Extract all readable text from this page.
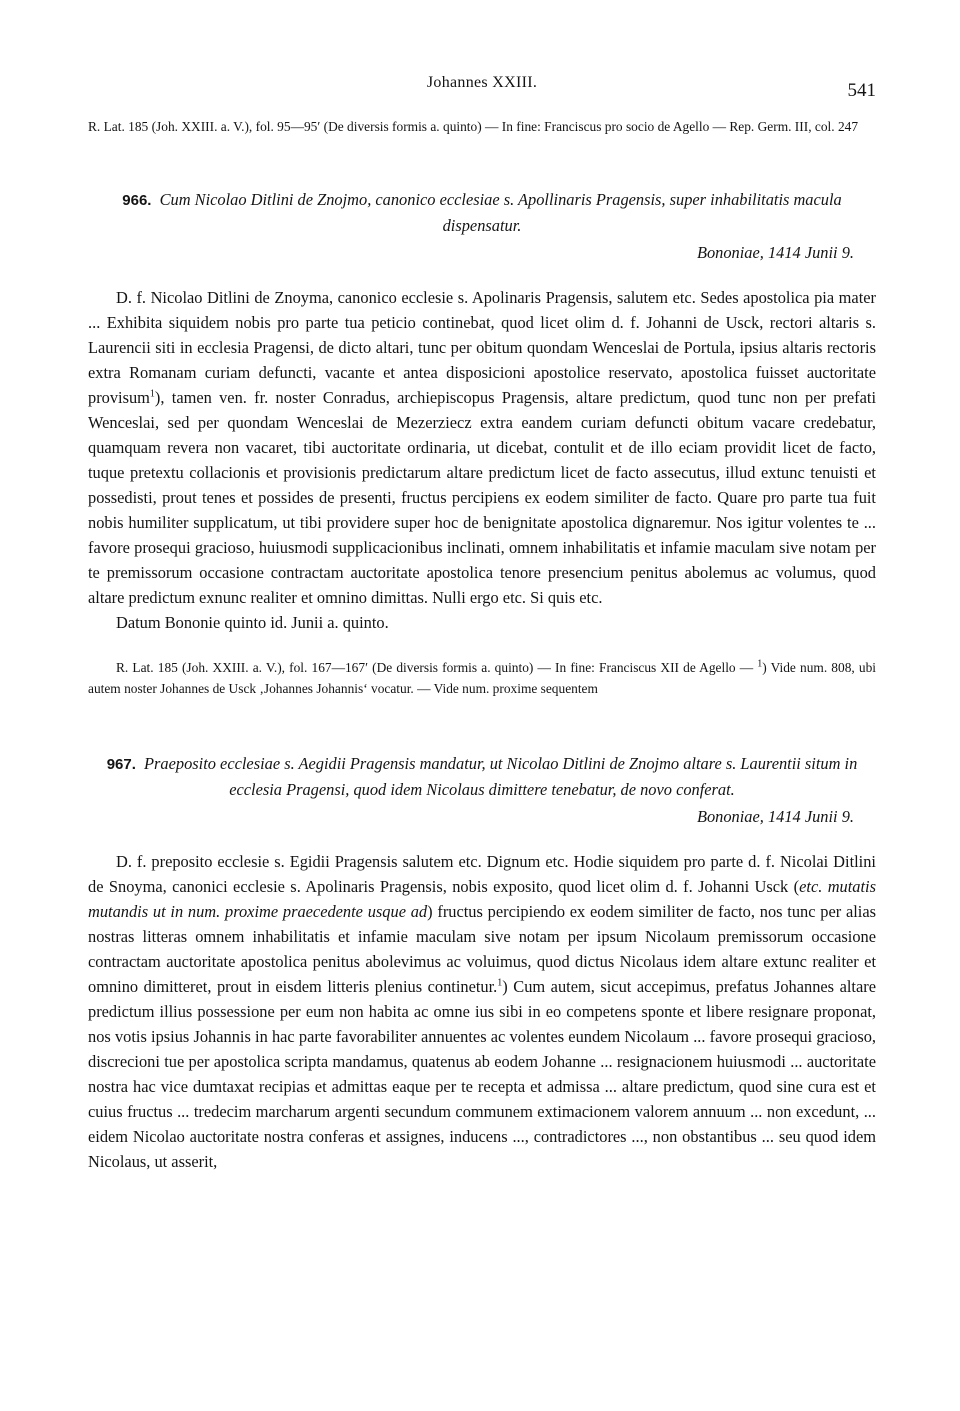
Johannes XXIII.	541

R. Lat. 185 (Joh. XXIII. a. V.), fol. 95—95′ (De diversis formis a. quinto) — In fine: Franciscus pro socio de Agello — Rep. Germ. III, col. 247

966. Cum Nicolao Ditlini de Znojmo, canonico ecclesiae s. Apollinaris Pragensis, super inhabilitatis macula dispensatur.

Bononiae, 1414 Junii 9.

D. f. Nicolao Ditlini de Znoyma, canonico ecclesie s. Apolinaris Pragensis, salutem etc. Sedes apostolica pia mater ... Exhibita siquidem nobis pro parte tua peticio continebat, quod licet olim d. f. Johanni de Usck, rectori altaris s. Laurencii siti in ecclesia Pragensi, de dicto altari, tunc per obitum quondam Wenceslai de Portula, ipsius altaris rectoris extra Romanam curiam defuncti, vacante et antea disposicioni apostolice reservato, apostolica fuisset auctoritate provisum$^1$), tamen ven. fr. noster Conradus, archiepiscopus Pragensis, altare predictum, quod tunc non per prefati Wenceslai, sed per quondam Wenceslai de Mezerziecz extra eandem curiam defuncti obitum vacare credebatur, quamquam revera non vacaret, tibi auctoritate ordinaria, ut dicebat, contulit et de illo eciam providit licet de facto, tuque pretextu collacionis et provisionis predictarum altare predictum licet de facto assecutus, illud extunc tenuisti et possedisti, prout tenes et possides de presenti, fructus percipiens ex eodem similiter de facto. Quare pro parte tua fuit nobis humiliter supplicatum, ut tibi providere super hoc de benignitate apostolica dignaremur. Nos igitur volentes te ... favore prosequi gracioso, huiusmodi supplicacionibus inclinati, omnem inhabilitatis et infamie maculam sive notam per te premissorum occasione contractam auctoritate apostolica tenore presencium penitus abolemus ac volumus, quod altare predictum exnunc realiter et omnino dimittas. Nulli ergo etc. Si quis etc.

Datum Bononie quinto id. Junii a. quinto.

R. Lat. 185 (Joh. XXIII. a. V.), fol. 167—167′ (De diversis formis a. quinto) — In fine: Franciscus XII de Agello — $^1$) Vide num. 808, ubi autem noster Johannes de Usck ‚Johannes Johannis‘ vocatur. — Vide num. proxime sequentem

967. Praeposito ecclesiae s. Aegidii Pragensis mandatur, ut Nicolao Ditlini de Znojmo altare s. Laurentii situm in ecclesia Pragensi, quod idem Nicolaus dimittere tenebatur, de novo conferat.

Bononiae, 1414 Junii 9.

D. f. preposito ecclesie s. Egidii Pragensis salutem etc. Dignum etc. Hodie siquidem pro parte d. f. Nicolai Ditlini de Snoyma, canonici ecclesie s. Apolinaris Pragensis, nobis exposito, quod licet olim d. f. Johanni Usck (etc. mutatis mutandis ut in num. proxime praecedente usque ad) fructus percipiendo ex eodem similiter de facto, nos tunc per alias nostras litteras omnem inhabilitatis et infamie maculam sive notam per ipsum Nicolaum premissorum occasione contractam auctoritate apostolica penitus abolevimus ac voluimus, quod dictus Nicolaus idem altare extunc realiter et omnino dimitteret, prout in eisdem litteris plenius continetur.$^1$) Cum autem, sicut accepimus, prefatus Johannes altare predictum illius possessione per eum non habita ac omne ius sibi in eo competens sponte et libere resignare proponat, nos votis ipsius Johannis in hac parte favorabiliter annuentes ac volentes eundem Nicolaum ... favore prosequi gracioso, discrecioni tue per apostolica scripta mandamus, quatenus ab eodem Johanne ... resignacionem huiusmodi ... auctoritate nostra hac vice dumtaxat recipias et admittas eaque per te recepta et admissa ... altare predictum, quod sine cura est et cuius fructus ... tredecim marcharum argenti secundum communem extimacionem valorem annuum ... non excedunt, ... eidem Nicolao auctoritate nostra conferas et assignes, inducens ..., contradictores ..., non obstantibus ... seu quod idem Nicolaus, ut asserit,
